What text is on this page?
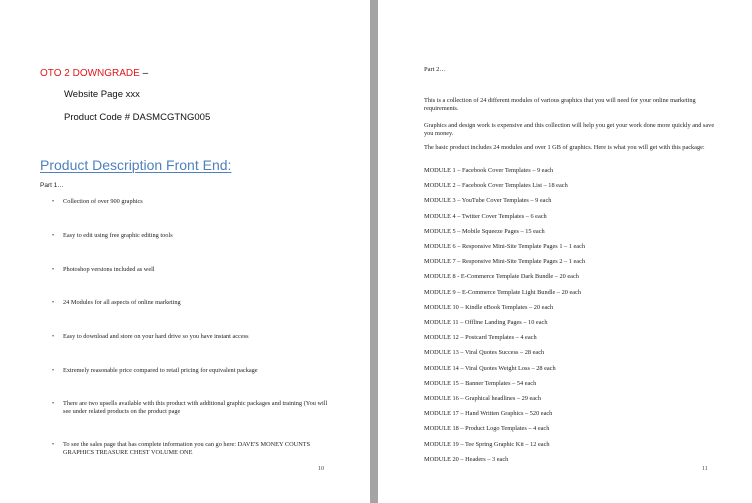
OTO 2 DOWNGRADE –
Website Page xxx
Product Code # DASMCGTNG005
Product Description Front End:
Part 1…
• Collection of over 900 graphics
• Easy to edit using free graphic editing tools
• Photoshop versions included as well
• 24 Modules for all aspects of online marketing
• Easy to download and store on your hard drive so you have instant access
• Extremely reasonable price compared to retail pricing for equivalent package
• There are two upsells available with this product with additional graphic packages and training (You will see under related products on the product page
• To see the sales page that has complete information you can go here: DAVE'S MONEY COUNTS GRAPHICS TREASURE CHEST VOLUME ONE
10
Part 2…
This is a collection of 24 different modules of various graphics that you will need for your online marketing requirements.
Graphics and design work is expensive and this collection will help you get your work done more quickly and save you money.
The basic product includes 24 modules and over 1 GB of graphics. Here is what you will get with this package:
MODULE 1 – Facebook Cover Templates – 9 each
MODULE 2 – Facebook Cover Templates List – 18 each
MODULE 3 – YouTube Cover Templates – 9 each
MODULE 4 – Twitter Cover Templates – 6 each
MODULE 5 – Mobile Squeeze Pages – 15 each
MODULE 6 – Responsive Mini-Site Template Pages 1 – 1 each
MODULE 7 – Responsive Mini-Site Template Pages 2 – 1 each
MODULE 8 - E-Commerce Template Dark Bundle – 20 each
MODULE 9 – E-Commerce Template Light Bundle – 20 each
MODULE 10 – Kindle eBook Templates – 20 each
MODULE 11 – Offline Landing Pages – 10 each
MODULE 12 – Postcard Templates – 4 each
MODULE 13 – Viral Quotes Success – 28 each
MODULE 14 – Viral Quotes Weight Loss – 28 each
MODULE 15 – Banner Templates – 54 each
MODULE 16 – Graphical headlines – 29 each
MODULE 17 – Hand Written Graphics – 520 each
MODULE 18 – Product Logo Templates – 4 each
MODULE 19 – Tee Spring Graphic Kit – 12 each
MODULE 20 – Headers – 3 each
11
